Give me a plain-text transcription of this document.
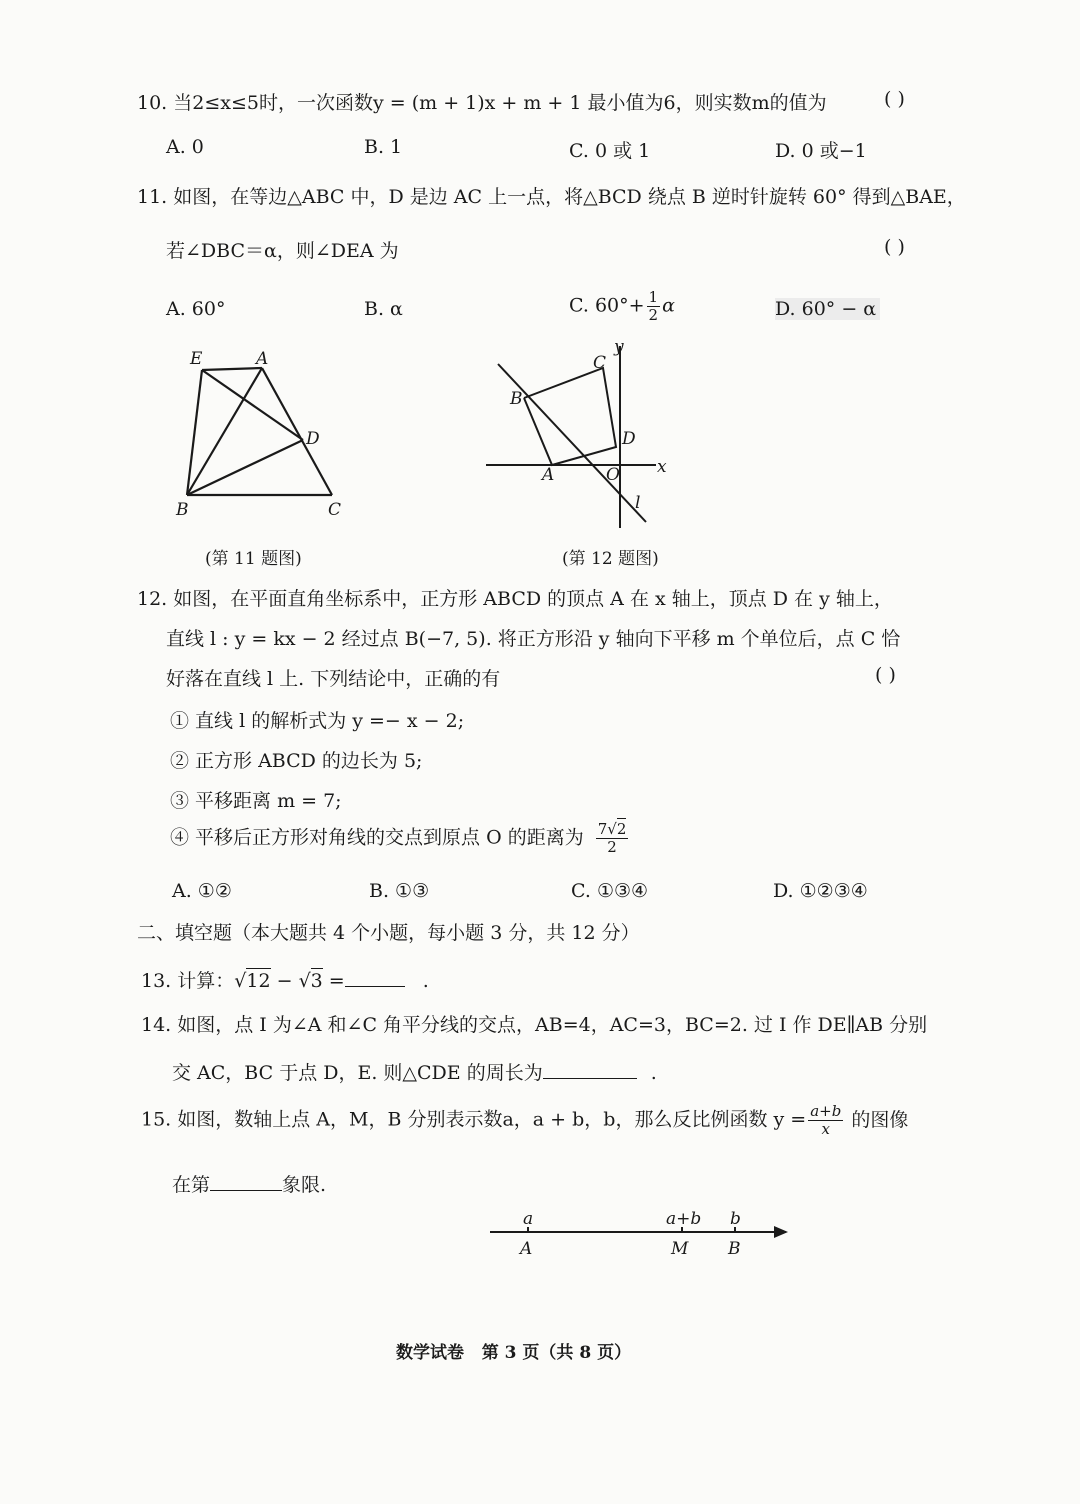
10. 当2≤x≤5时，一次函数y = (m + 1)x + m + 1 最小值为6，则实数m的值为	( )
A. 0	B. 1	C. 0 或 1	D. 0 或−1
11. 如图，在等边△ABC 中，D 是边 AC 上一点，将△BCD 绕点 B 逆时针旋转 60° 得到△BAE，
若∠DBC＝α，则∠DEA 为	( )
A. 60°	B. α	C. $60^\circ+ \frac{1}{2}$ α	D. 60° − α
E	A
D
B	C
(第 11 题图)
y
C
B
D
A	O x
l
(第 12 题图)
12. 如图，在平面直角坐标系中，正方形 ABCD 的顶点 A 在 x 轴上，顶点 D 在 y 轴上，
直线 l : y = kx − 2 经过点 B(−7, 5). 将正方形沿 y 轴向下平移 m 个单位后，点 C 恰
好落在直线 l 上. 下列结论中，正确的有	( )
① 直线 l 的解析式为 y =− x − 2;
② 正方形 ABCD 的边长为 5;
③ 平移距离 m = 7;
④ 平移后正方形对角线的交点到原点 O 的距离为 $\frac{7√2}{2}$
A. ①②	B. ①③	C. ①③④	D. ①②③④
二、填空题（本大题共 4 个小题，每小题 3 分，共 12 分）
13. 计算：√12 − √3 =	.
14. 如图，点 I 为∠A 和∠C 角平分线的交点，AB=4，AC=3，BC=2. 过 I 作 DE∥AB 分别
交 AC，BC 于点 D，E. 则△CDE 的周长为	.
15. 如图，数轴上点 A，M，B 分别表示数a，a + b，b，那么反比例函数 $y = \frac{a+b}{x}$ 的图像
在第	象限.
a	a+b b
A	M B
数学试卷   第 3 页（共 8 页）
